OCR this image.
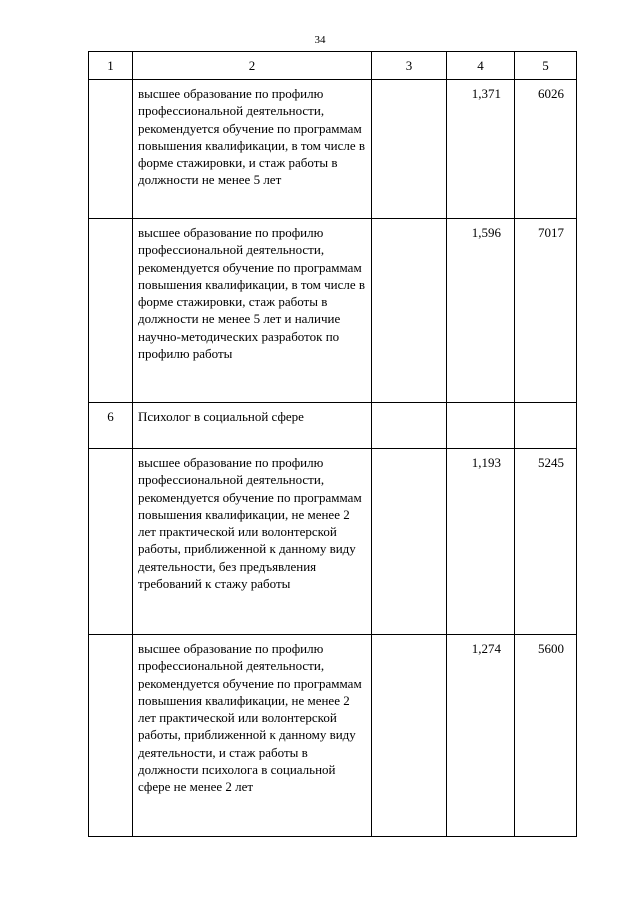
34
1	2	3	4	5

	высшее образование по профилю профессиональной деятельности, рекомендуется обучение по программам повышения квалификации, в том числе в форме стажировки, и стаж работы в должности не менее 5 лет		1,371	6026

	высшее образование по профилю профессиональной деятельности, рекомендуется обучение по программам повышения квалификации, в том числе в форме стажировки, стаж работы в должности не менее 5 лет и наличие научно-методических разработок по профилю работы		1,596	7017

6	Психолог в социальной сфере			

	высшее образование по профилю профессиональной деятельности, рекомендуется обучение по программам повышения квалификации, не менее 2 лет практической или волонтерской работы, приближенной к данному виду деятельности, без предъявления требований к стажу работы		1,193	5245

	высшее образование по профилю профессиональной деятельности, рекомендуется обучение по программам повышения квалификации, не менее 2 лет практической или волонтерской работы, приближенной к данному виду деятельности, и стаж работы в должности психолога в социальной сфере не менее 2 лет		1,274	5600
